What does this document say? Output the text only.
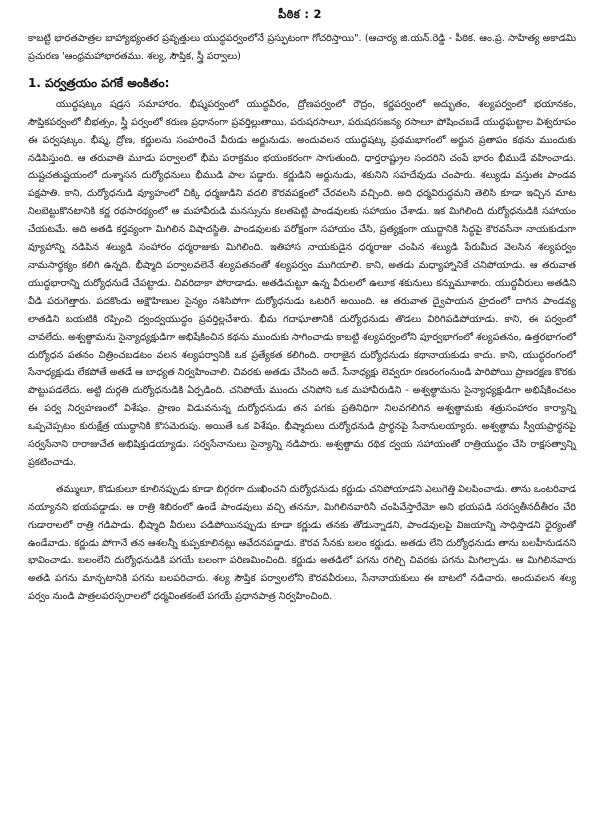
పీఠిక : 2

కాబట్టి భారతపాత్రల బాహ్యాభ్యంతర ప్రవృత్తులు యుద్ధపర్వంలోనే ప్రస్ఫుటంగా గోచరిస్తాయి". (ఆచార్య జి.యన్.రెడ్డి - పీఠిక. ఆం.ప్ర. సాహిత్య అకాడమి ప్రచురణ 'ఆంధ్రమహాభారతము. శల్య, సౌప్తిక, స్త్రీ పర్వాలు)

1. పర్వత్రయం పగకే అంకితం:

యుద్ధషట్కం షడ్రస సమాహారం. భీష్మపర్వంలో యుద్ధవీరం, ద్రోణపర్వంలో రౌద్రం, కర్ణపర్వంలో అద్భుతం, శల్యపర్వంలో భయానకం, సౌప్తికపర్వంలో బీభత్సం, స్త్రీ పర్వంలో కరుణ ప్రధానంగా ప్రవర్తిల్లుతాయి. పరుషరసాలూ, పరుషరసజన్య రసాలూ పోషించబడే యుద్ధఘట్టాల విశ్వరూపం ఈ పర్వషట్కం. భీష్మ, ద్రోణ, కర్ణులను సంహరించే వీరుడు అర్జునుడు. అందువలన యుద్ధషట్క ప్రథమభాగంలో అర్జున ప్రతాపం కథను ముందుకు నడిపిస్తుంది. ఆ తరువాతి మూడు పర్వాలలో భీమ పరాక్రమం భయంకరంగా సాగుతుంది. ధార్తరాష్ట్రుల సందరిని చంపే భారం భీముడే వహించాడు. దుష్టచతుష్టయంలో దుశ్శాసన దుర్యోధనులు భీముడి పాల పడ్డారు. కర్ణుడిని అర్జునుడు, శకునిని సహదేవుడు చంపారు. శల్యుడు వస్తుతః పాండవ పక్షపాతి. కాని, దుర్యోధనుడి వ్యూహంలో చిక్కి ధర్మజుడిని వదలి కౌరవపక్షంలో చేరవలసి వచ్చింది. అది ధర్మవిరుద్ధమని తెలిసి కూడా ఇచ్చిన మాట నిలబెట్టుకొనటానికి కర్ణ రథసారథ్యంలో ఆ మహావీరుడి మనస్సును కలతపెట్టి పాండవులకు సహాయం చేశాడు. ఇక మిగిలింది దుర్యోధనుడికి సహాయం చేయటమే. అది అతడి కర్తవ్యంగా మిగిలిన విషాదస్థితి. పాండవులకు పరోక్షంగా సహాయం చేసి, ప్రత్యక్షంగా యుద్ధానికి సిద్ధపై కౌరవసేనా నాయకుడుగా వ్యూహాన్ని నడిపిన శల్యుడి సంహారం ధర్మరాజుకు మిగిలింది. ఇతిహాస నాయకుడైన ధర్మరాజు చంపిన శల్యుడి పేరుమీద వెలసిన శల్యపర్వం నామసార్థక్యం కలిగి ఉన్నది. భీష్మాది పర్వాలవలెనే శల్యపతనంతో శల్యపర్వం ముగియాలి. కాని, అతడు మధ్యాహ్నానికే చనిపోయాడు. ఆ తరువాత యుద్ధభారాన్ని దుర్యోధనుడే చేపట్టాడు. చివరిదాకా పోరాడాడు. అతడిచుట్టూ ఉన్న వీరులలో ఉలూక శకునులు కన్నుమూశారు. యుద్ధవీరులు అతడిని వీడి పరుగెత్తారు. పదకొండు అక్షౌహిణుల సైన్యం నశిసిపోగా దుర్యోధనుడు ఒటరిగే అయింది. ఆ తరువాత ద్వైపాయన హ్రదంలో దాగిన పాండవ్య లాతడిని బయటికి రప్పించి ద్వంద్వయుద్ధం ప్రవర్తిల్లచేశారు. భీమ గదాఘాతానికి దుర్యోధనుడు తొడలు విరిగిపడిపోయాడు. కాని, ఈ పర్వంలో చావలేదు. అశ్వత్థామను సైన్యాధ్యక్షుడిగా అభిషేకించిన కథను ముందుకు సాగించాడు కాబట్టి శల్యపర్వంలోని పూర్వభాగంలో శల్యపతనం, ఉత్తరభాగంలో దుర్యోధన పతనం చిత్రించబడటం వలన శల్యపర్వానికి ఒక ప్రత్యేకత కలిగింది. రారాజైన దుర్యోధనుడు కథానాయకుడు కాదు. కాని, యుద్ధరంగంలో సేనాధ్యక్షుడు లేకపోతే అతడే ఆ బాధ్యత నిర్వహించాలి. చివరకు అతడు చేసింది అదే. సేనాధ్యక్షు లెవ్వరూ రణరంగంనుండి పారిపోయి ప్రాణరక్షణ కొరకు పొట్టుపడలేదు. అట్టి దుర్గతి దుర్యోధనుడికి ఏర్పడింది. చనిపోయే ముందు చనిపోని ఒక మహావీరుడిని - అశ్వత్థామను సైన్యాధ్యక్షుడిగా అభిషేకించటం ఈ పర్వ నిర్వహణంలో విశేషం. ప్రాణం విడువనున్న దుర్యోధనుడు తన పగకు ప్రతినిధిగా నిలవగలిగిన అశ్వత్థామకు శత్రుసంహారం కార్యాన్ని ఒప్పచెప్పటం కురుక్షేత్ర యుద్ధానికి కొసమెరుపు. అయితే ఒక విశేషం. భీష్మాదులు దుర్యోధనుడి ప్రార్థనపై సేనానులయ్యారు. అశ్వత్థామ స్వీయప్రార్థనపై సర్వసేనాని రారాజుచేత అభిషిక్తుడయ్యాడు. సర్వసేనానులు సైన్యాన్ని నడిపారు. అశ్వత్థామ రథిక ద్వయ సహాయంతో రాత్రియుద్ధం చేసి రాక్షసత్వాన్ని ప్రకటించాడు.

తమ్ములూ, కొడుకులూ కూలినప్పుడు కూడా బిగ్గరగా దుఃఖించని దుర్యోధనుడు కర్ణుడు చనిపోయాడని ఎలుగెత్తి విలపించాడు. తాను ఒంటరివాడ నయ్యానని భయపడ్డాడు. ఆ రాత్రి శిబిరంలో ఉండే పాండవులు వచ్చి తననూ, మిగిలినవారినీ చంపివేస్తారేమో అని భయపడి సరస్వతీనదీతీరం చేరి గుడారాలలో రాత్రి గడిపాడు. భీష్మాది వీరులు పడిపోయినప్పుడు కూడా కర్ణుడు తనకు తోడున్నాడని, పాండవులపై విజయాన్ని సాధిస్తాడని ధైర్యంతో ఉండేవాడు. కర్ణుడు పోగానే తన ఆశలన్నీ కుప్పకూలినట్లు ఆవేదనపడ్డాడు. కౌరవ సేనకు బలం కర్ణుడు. అతడు లేని దుర్యోధనుడు తాను బలహీనుడనని భావించాడు. బలంలేని దుర్యోధనుడికి పగయే బలంగా పరిణమించింది. కర్ణుడు అతడిలో పగను రగిల్చి చివరకు పగను మిగిల్చాడు. ఆ మిగిలినవారు అతడి పగను మాన్చటానికి పగను బలపరిచారు. శల్య సౌప్తిక పర్వాలలోని కౌరవవీరులు, సేనానాయకులు ఈ బాటలో నడిచారు. అందువలన శల్య పర్వం నుండి పాత్రలపరస్పరాలలో ధర్మవింతకంటే పగయే ప్రధానపాత్ర నిర్వహించింది.
